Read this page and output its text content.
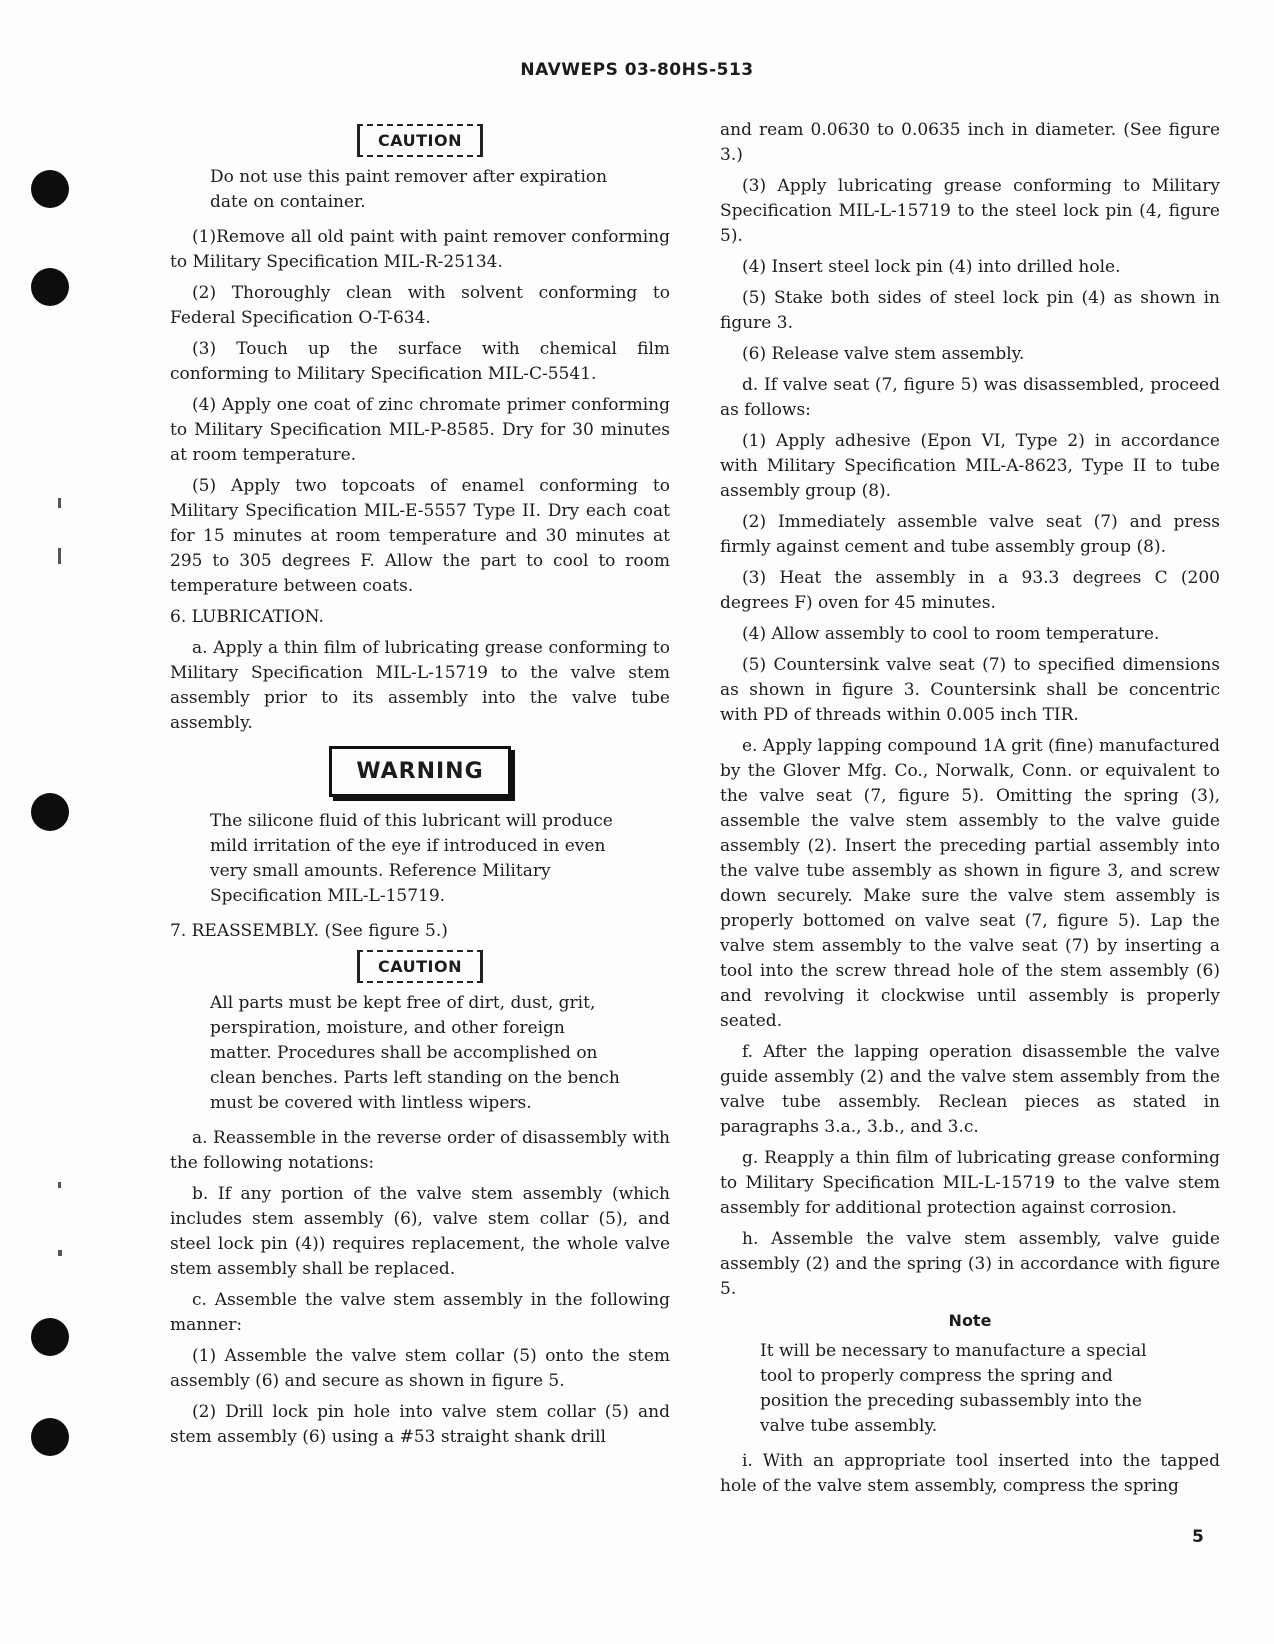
NAVWEPS 03-80HS-513
CAUTION

Do not use this paint remover after expiration date on container.

(1)Remove all old paint with paint remover conforming to Military Specification MIL-R-25134.

(2) Thoroughly clean with solvent conforming to Federal Specification O-T-634.

(3) Touch up the surface with chemical film conforming to Military Specification MIL-C-5541.

(4) Apply one coat of zinc chromate primer conforming to Military Specification MIL-P-8585. Dry for 30 minutes at room temperature.

(5) Apply two topcoats of enamel conforming to Military Specification MIL-E-5557 Type II. Dry each coat for 15 minutes at room temperature and 30 minutes at 295 to 305 degrees F. Allow the part to cool to room temperature between coats.

6. LUBRICATION.

a. Apply a thin film of lubricating grease conforming to Military Specification MIL-L-15719 to the valve stem assembly prior to its assembly into the valve tube assembly.

WARNING

The silicone fluid of this lubricant will produce mild irritation of the eye if introduced in even very small amounts. Reference Military Specification MIL-L-15719.

7. REASSEMBLY. (See figure 5.)

CAUTION

All parts must be kept free of dirt, dust, grit, perspiration, moisture, and other foreign matter. Procedures shall be accomplished on clean benches. Parts left standing on the bench must be covered with lintless wipers.

a. Reassemble in the reverse order of disassembly with the following notations:

b. If any portion of the valve stem assembly (which includes stem assembly (6), valve stem collar (5), and steel lock pin (4)) requires replacement, the whole valve stem assembly shall be replaced.

c. Assemble the valve stem assembly in the following manner:

(1) Assemble the valve stem collar (5) onto the stem assembly (6) and secure as shown in figure 5.

(2) Drill lock pin hole into valve stem collar (5) and stem assembly (6) using a #53 straight shank drill

and ream 0.0630 to 0.0635 inch in diameter. (See figure 3.)

(3) Apply lubricating grease conforming to Military Specification MIL-L-15719 to the steel lock pin (4, figure 5).

(4) Insert steel lock pin (4) into drilled hole.

(5) Stake both sides of steel lock pin (4) as shown in figure 3.

(6) Release valve stem assembly.

d. If valve seat (7, figure 5) was disassembled, proceed as follows:

(1) Apply adhesive (Epon VI, Type 2) in accordance with Military Specification MIL-A-8623, Type II to tube assembly group (8).

(2) Immediately assemble valve seat (7) and press firmly against cement and tube assembly group (8).

(3) Heat the assembly in a 93.3 degrees C (200 degrees F) oven for 45 minutes.

(4) Allow assembly to cool to room temperature.

(5) Countersink valve seat (7) to specified dimensions as shown in figure 3. Countersink shall be concentric with PD of threads within 0.005 inch TIR.

e. Apply lapping compound 1A grit (fine) manufactured by the Glover Mfg. Co., Norwalk, Conn. or equivalent to the valve seat (7, figure 5). Omitting the spring (3), assemble the valve stem assembly to the valve guide assembly (2). Insert the preceding partial assembly into the valve tube assembly as shown in figure 3, and screw down securely. Make sure the valve stem assembly is properly bottomed on valve seat (7, figure 5). Lap the valve stem assembly to the valve seat (7) by inserting a tool into the screw thread hole of the stem assembly (6) and revolving it clockwise until assembly is properly seated.

f. After the lapping operation disassemble the valve guide assembly (2) and the valve stem assembly from the valve tube assembly. Reclean pieces as stated in paragraphs 3.a., 3.b., and 3.c.

g. Reapply a thin film of lubricating grease conforming to Military Specification MIL-L-15719 to the valve stem assembly for additional protection against corrosion.

h. Assemble the valve stem assembly, valve guide assembly (2) and the spring (3) in accordance with figure 5.

Note

It will be necessary to manufacture a special tool to properly compress the spring and position the preceding subassembly into the valve tube assembly.

i. With an appropriate tool inserted into the tapped hole of the valve stem assembly, compress the spring

5
